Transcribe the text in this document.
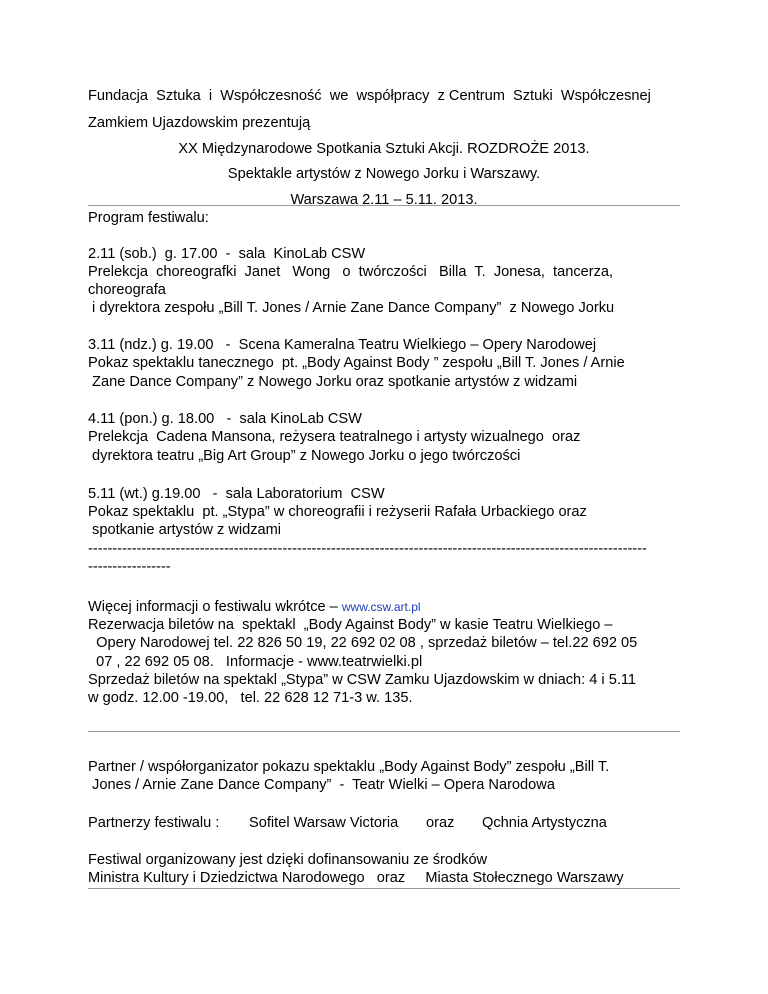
Fundacja  Sztuka  i  Współczesność  we  współpracy  z Centrum  Sztuki  Współczesnej
Zamkiem Ujazdowskim prezentują
XX Międzynarodowe Spotkania Sztuki Akcji. ROZDROŻE 2013.
Spektakle artystów z Nowego Jorku i Warszawy.
Warszawa 2.11 – 5.11. 2013.
Program festiwalu:
2.11 (sob.)  g. 17.00  -  sala  KinoLab CSW
Prelekcja  choreografki  Janet   Wong   o  twórczości   Billa  T.  Jonesa,  tancerza,
choreografa
i dyrektora zespołu „Bill T. Jones / Arnie Zane Dance Company”  z Nowego Jorku
3.11 (ndz.) g. 19.00   -  Scena Kameralna Teatru Wielkiego – Opery Narodowej
Pokaz spektaklu tanecznego  pt. „Body Against Body ” zespołu „Bill T. Jones / Arnie
Zane Dance Company” z Nowego Jorku oraz spotkanie artystów z widzami
4.11 (pon.) g. 18.00   -  sala KinoLab CSW
Prelekcja  Cadena Mansona, reżysera teatralnego i artysty wizualnego  oraz
dyrektora teatru „Big Art Group” z Nowego Jorku o jego twórczości
5.11 (wt.) g.19.00   -  sala Laboratorium  CSW
Pokaz spektaklu  pt. „Stypa” w choreografii i reżyserii Rafała Urbackiego oraz
spotkanie artystów z widzami
-------------------------------------------------------------------------------------------------------------------
-----------------
Więcej informacji o festiwalu wkrótce – www.csw.art.pl
Rezerwacja biletów na  spektakl  „Body Against Body” w kasie Teatru Wielkiego –
Opery Narodowej tel. 22 826 50 19, 22 692 02 08 , sprzedaż biletów – tel.22 692 05
07 , 22 692 05 08.   Informacje - www.teatrwielki.pl
Sprzedaż biletów na spektakl „Stypa” w CSW Zamku Ujazdowskim w dniach: 4 i 5.11
w godz. 12.00 -19.00,   tel. 22 628 12 71-3 w. 135.
Partner / współorganizator pokazu spektaklu „Body Against Body” zespołu „Bill T.
Jones / Arnie Zane Dance Company”  -  Teatr Wielki – Opera Narodowa
Partnerzy festiwalu : Sofitel Warsaw Victoria oraz Qchnia Artystyczna
Festiwal organizowany jest dzięki dofinansowaniu ze środków
Ministra Kultury i Dziedzictwa Narodowego   oraz     Miasta Stołecznego Warszawy
